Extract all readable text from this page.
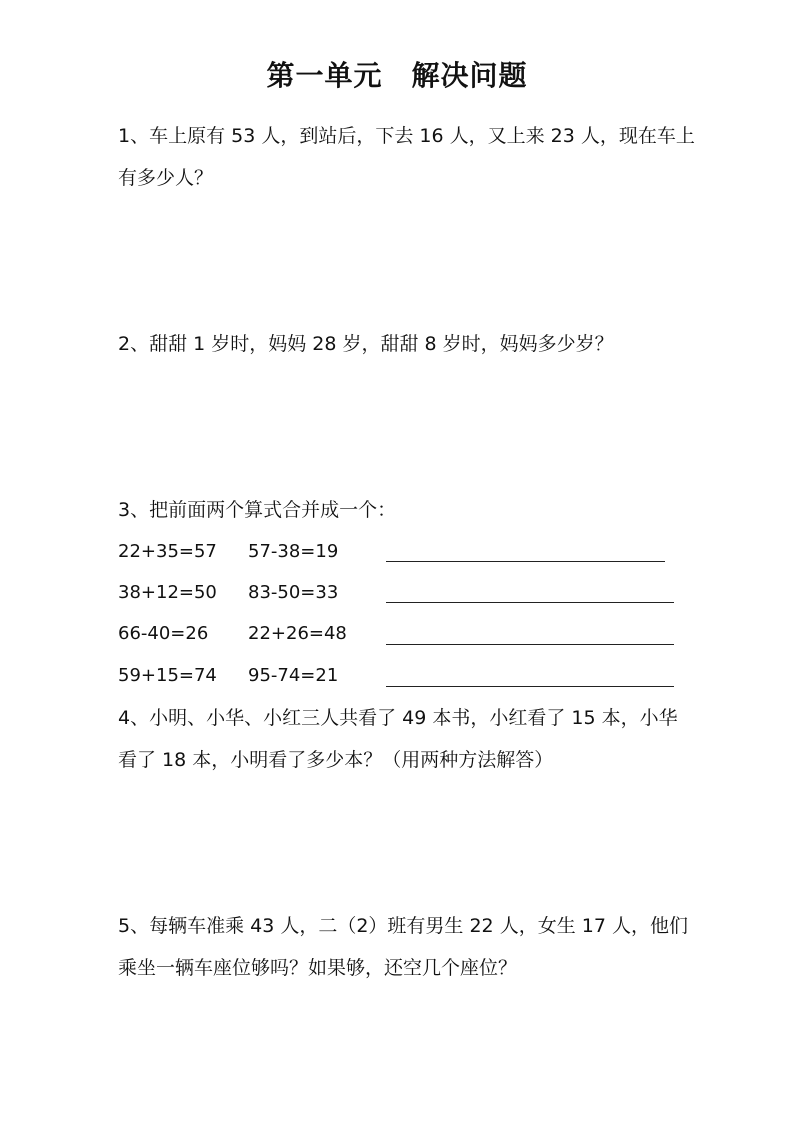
第一单元　解决问题
1、车上原有 53 人，到站后，下去 16 人，又上来 23 人，现在车上
有多少人？
2、甜甜 1 岁时，妈妈 28 岁，甜甜 8 岁时，妈妈多少岁？
3、把前面两个算式合并成一个：
22+35=57 57-38=19
38+12=50 83-50=33
66-40=26 22+26=48
59+15=74 95-74=21
4、小明、小华、小红三人共看了 49 本书，小红看了 15 本，小华
看了 18 本，小明看了多少本？（用两种方法解答）
5、每辆车准乘 43 人，二（2）班有男生 22 人，女生 17 人，他们
乘坐一辆车座位够吗？如果够，还空几个座位？
